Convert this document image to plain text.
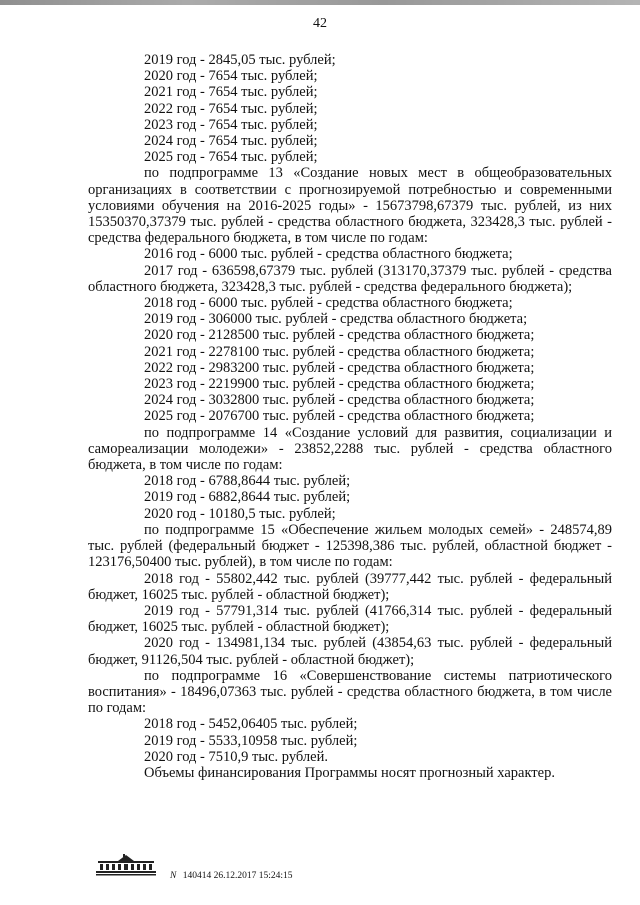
42
2019 год - 2845,05 тыс. рублей;
2020 год - 7654 тыс. рублей;
2021 год - 7654 тыс. рублей;
2022 год - 7654 тыс. рублей;
2023 год - 7654 тыс. рублей;
2024 год - 7654 тыс. рублей;
2025 год - 7654 тыс. рублей;
по подпрограмме 13 «Создание новых мест в общеобразовательных организациях в соответствии с прогнозируемой потребностью и современными условиями обучения на 2016-2025 годы» - 15673798,67379 тыс. рублей, из них 15350370,37379 тыс. рублей - средства областного бюджета, 323428,3 тыс. рублей - средства федерального бюджета, в том числе по годам:
2016 год - 6000 тыс. рублей - средства областного бюджета;
2017 год - 636598,67379 тыс. рублей (313170,37379 тыс. рублей - средства областного бюджета, 323428,3 тыс. рублей - средства федерального бюджета);
2018 год - 6000 тыс. рублей - средства областного бюджета;
2019 год - 306000 тыс. рублей - средства областного бюджета;
2020 год - 2128500 тыс. рублей - средства областного бюджета;
2021 год - 2278100 тыс. рублей - средства областного бюджета;
2022 год - 2983200 тыс. рублей - средства областного бюджета;
2023 год - 2219900 тыс. рублей - средства областного бюджета;
2024 год - 3032800 тыс. рублей - средства областного бюджета;
2025 год - 2076700 тыс. рублей - средства областного бюджета;
по подпрограмме 14 «Создание условий для развития, социализации и самореализации молодежи» - 23852,2288 тыс. рублей - средства областного бюджета, в том числе по годам:
2018 год - 6788,8644 тыс. рублей;
2019 год - 6882,8644 тыс. рублей;
2020 год - 10180,5 тыс. рублей;
по подпрограмме 15 «Обеспечение жильем молодых семей» - 248574,89 тыс. рублей (федеральный бюджет - 125398,386 тыс. рублей, областной бюджет - 123176,50400 тыс. рублей), в том числе по годам:
2018 год - 55802,442 тыс. рублей (39777,442 тыс. рублей - федеральный бюджет, 16025 тыс. рублей - областной бюджет);
2019 год - 57791,314 тыс. рублей (41766,314 тыс. рублей - федеральный бюджет, 16025 тыс. рублей - областной бюджет);
2020 год - 134981,134 тыс. рублей (43854,63 тыс. рублей - федеральный бюджет, 91126,504 тыс. рублей - областной бюджет);
по подпрограмме 16 «Совершенствование системы патриотического воспитания» - 18496,07363 тыс. рублей - средства областного бюджета, в том числе по годам:
2018 год - 5452,06405 тыс. рублей;
2019 год - 5533,10958 тыс. рублей;
2020 год - 7510,9 тыс. рублей.
Объемы финансирования Программы носят прогнозный характер.
N 140414 26.12.2017 15:24:15
